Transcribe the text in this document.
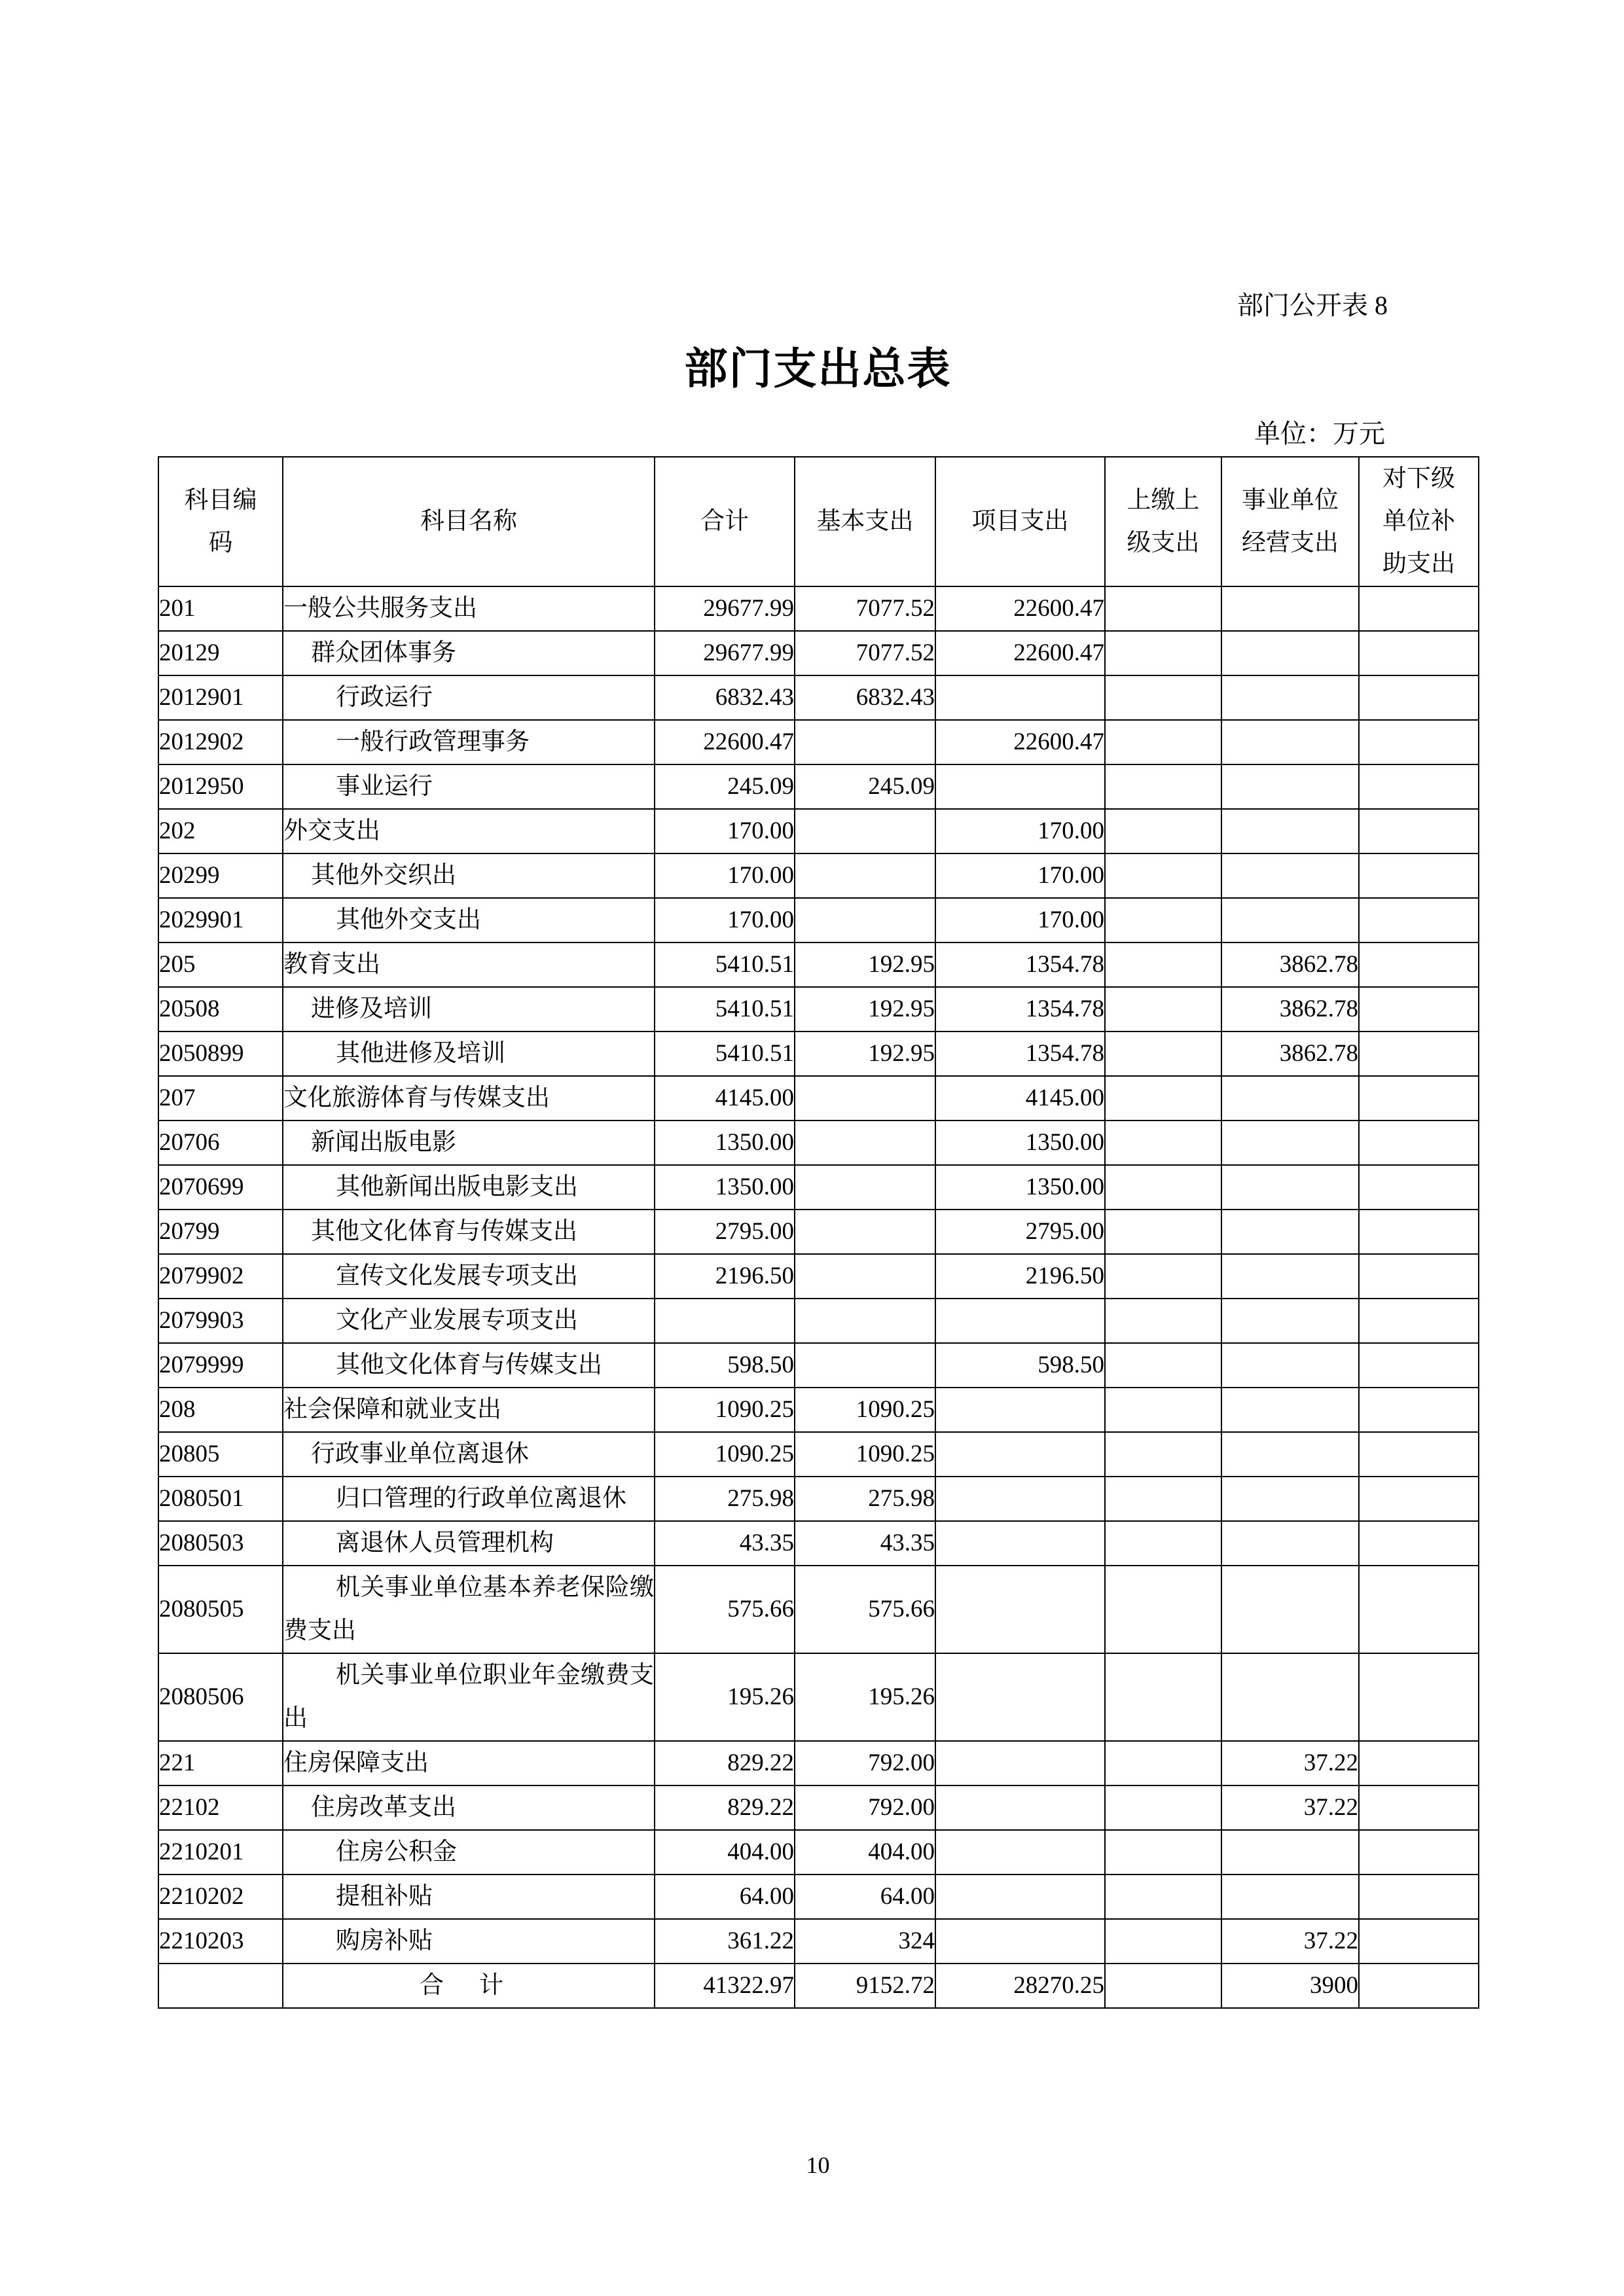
部门公开表 8
部门支出总表
单位：万元
科目编码	科目名称	合计	基本支出	项目支出	上缴上级支出	事业单位经营支出	对下级单位补助支出
201	一般公共服务支出	29677.99	7077.52	22600.47			
20129	群众团体事务	29677.99	7077.52	22600.47			
2012901	行政运行	6832.43	6832.43				
2012902	一般行政管理事务	22600.47		22600.47			
2012950	事业运行	245.09	245.09				
202	外交支出	170.00		170.00			
20299	其他外交织出	170.00		170.00			
2029901	其他外交支出	170.00		170.00			
205	教育支出	5410.51	192.95	1354.78		3862.78	
20508	进修及培训	5410.51	192.95	1354.78		3862.78	
2050899	其他进修及培训	5410.51	192.95	1354.78		3862.78	
207	文化旅游体育与传媒支出	4145.00		4145.00			
20706	新闻出版电影	1350.00		1350.00			
2070699	其他新闻出版电影支出	1350.00		1350.00			
20799	其他文化体育与传媒支出	2795.00		2795.00			
2079902	宣传文化发展专项支出	2196.50		2196.50			
2079903	文化产业发展专项支出						
2079999	其他文化体育与传媒支出	598.50		598.50			
208	社会保障和就业支出	1090.25	1090.25				
20805	行政事业单位离退休	1090.25	1090.25				
2080501	归口管理的行政单位离退休	275.98	275.98				
2080503	离退休人员管理机构	43.35	43.35				
2080505	机关事业单位基本养老保险缴费支出	575.66	575.66				
2080506	机关事业单位职业年金缴费支出	195.26	195.26				
221	住房保障支出	829.22	792.00			37.22	
22102	住房改革支出	829.22	792.00			37.22	
2210201	住房公积金	404.00	404.00				
2210202	提租补贴	64.00	64.00				
2210203	购房补贴	361.22	324			37.22	
	合 计	41322.97	9152.72	28270.25		3900	
10
